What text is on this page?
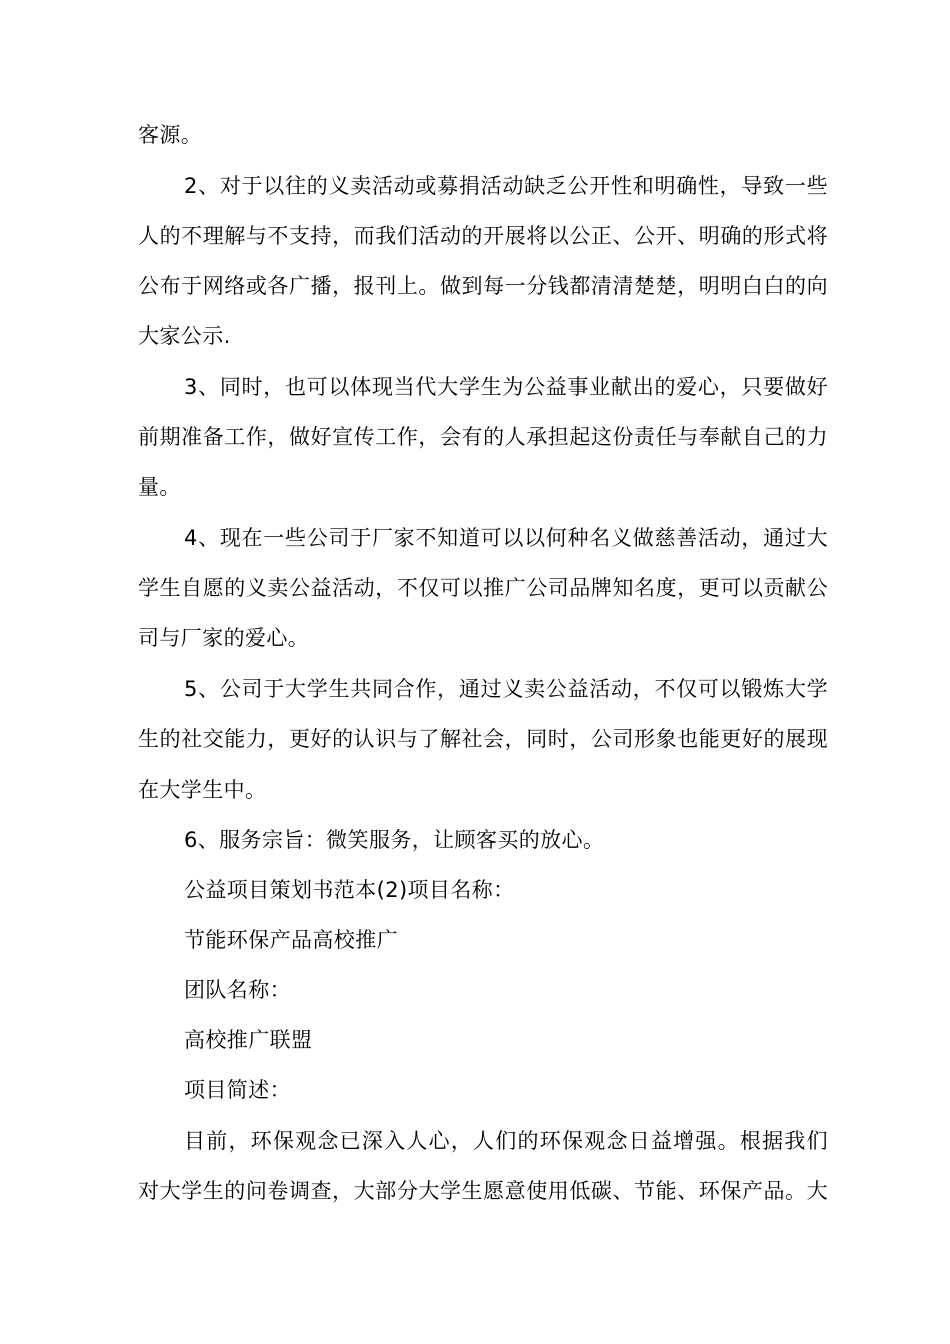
客源。
2、对于以往的义卖活动或募捐活动缺乏公开性和明确性，导致一些
人的不理解与不支持，而我们活动的开展将以公正、公开、明确的形式将
公布于网络或各广播，报刊上。做到每一分钱都清清楚楚，明明白白的向
大家公示.
3、同时，也可以体现当代大学生为公益事业献出的爱心，只要做好
前期准备工作，做好宣传工作，会有的人承担起这份责任与奉献自己的力
量。
4、现在一些公司于厂家不知道可以以何种名义做慈善活动，通过大
学生自愿的义卖公益活动，不仅可以推广公司品牌知名度，更可以贡献公
司与厂家的爱心。
5、公司于大学生共同合作，通过义卖公益活动，不仅可以锻炼大学
生的社交能力，更好的认识与了解社会，同时，公司形象也能更好的展现
在大学生中。
6、服务宗旨：微笑服务，让顾客买的放心。
公益项目策划书范本(2)项目名称：
节能环保产品高校推广
团队名称：
高校推广联盟
项目简述：
目前，环保观念已深入人心，人们的环保观念日益增强。根据我们
对大学生的问卷调查，大部分大学生愿意使用低碳、节能、环保产品。大
